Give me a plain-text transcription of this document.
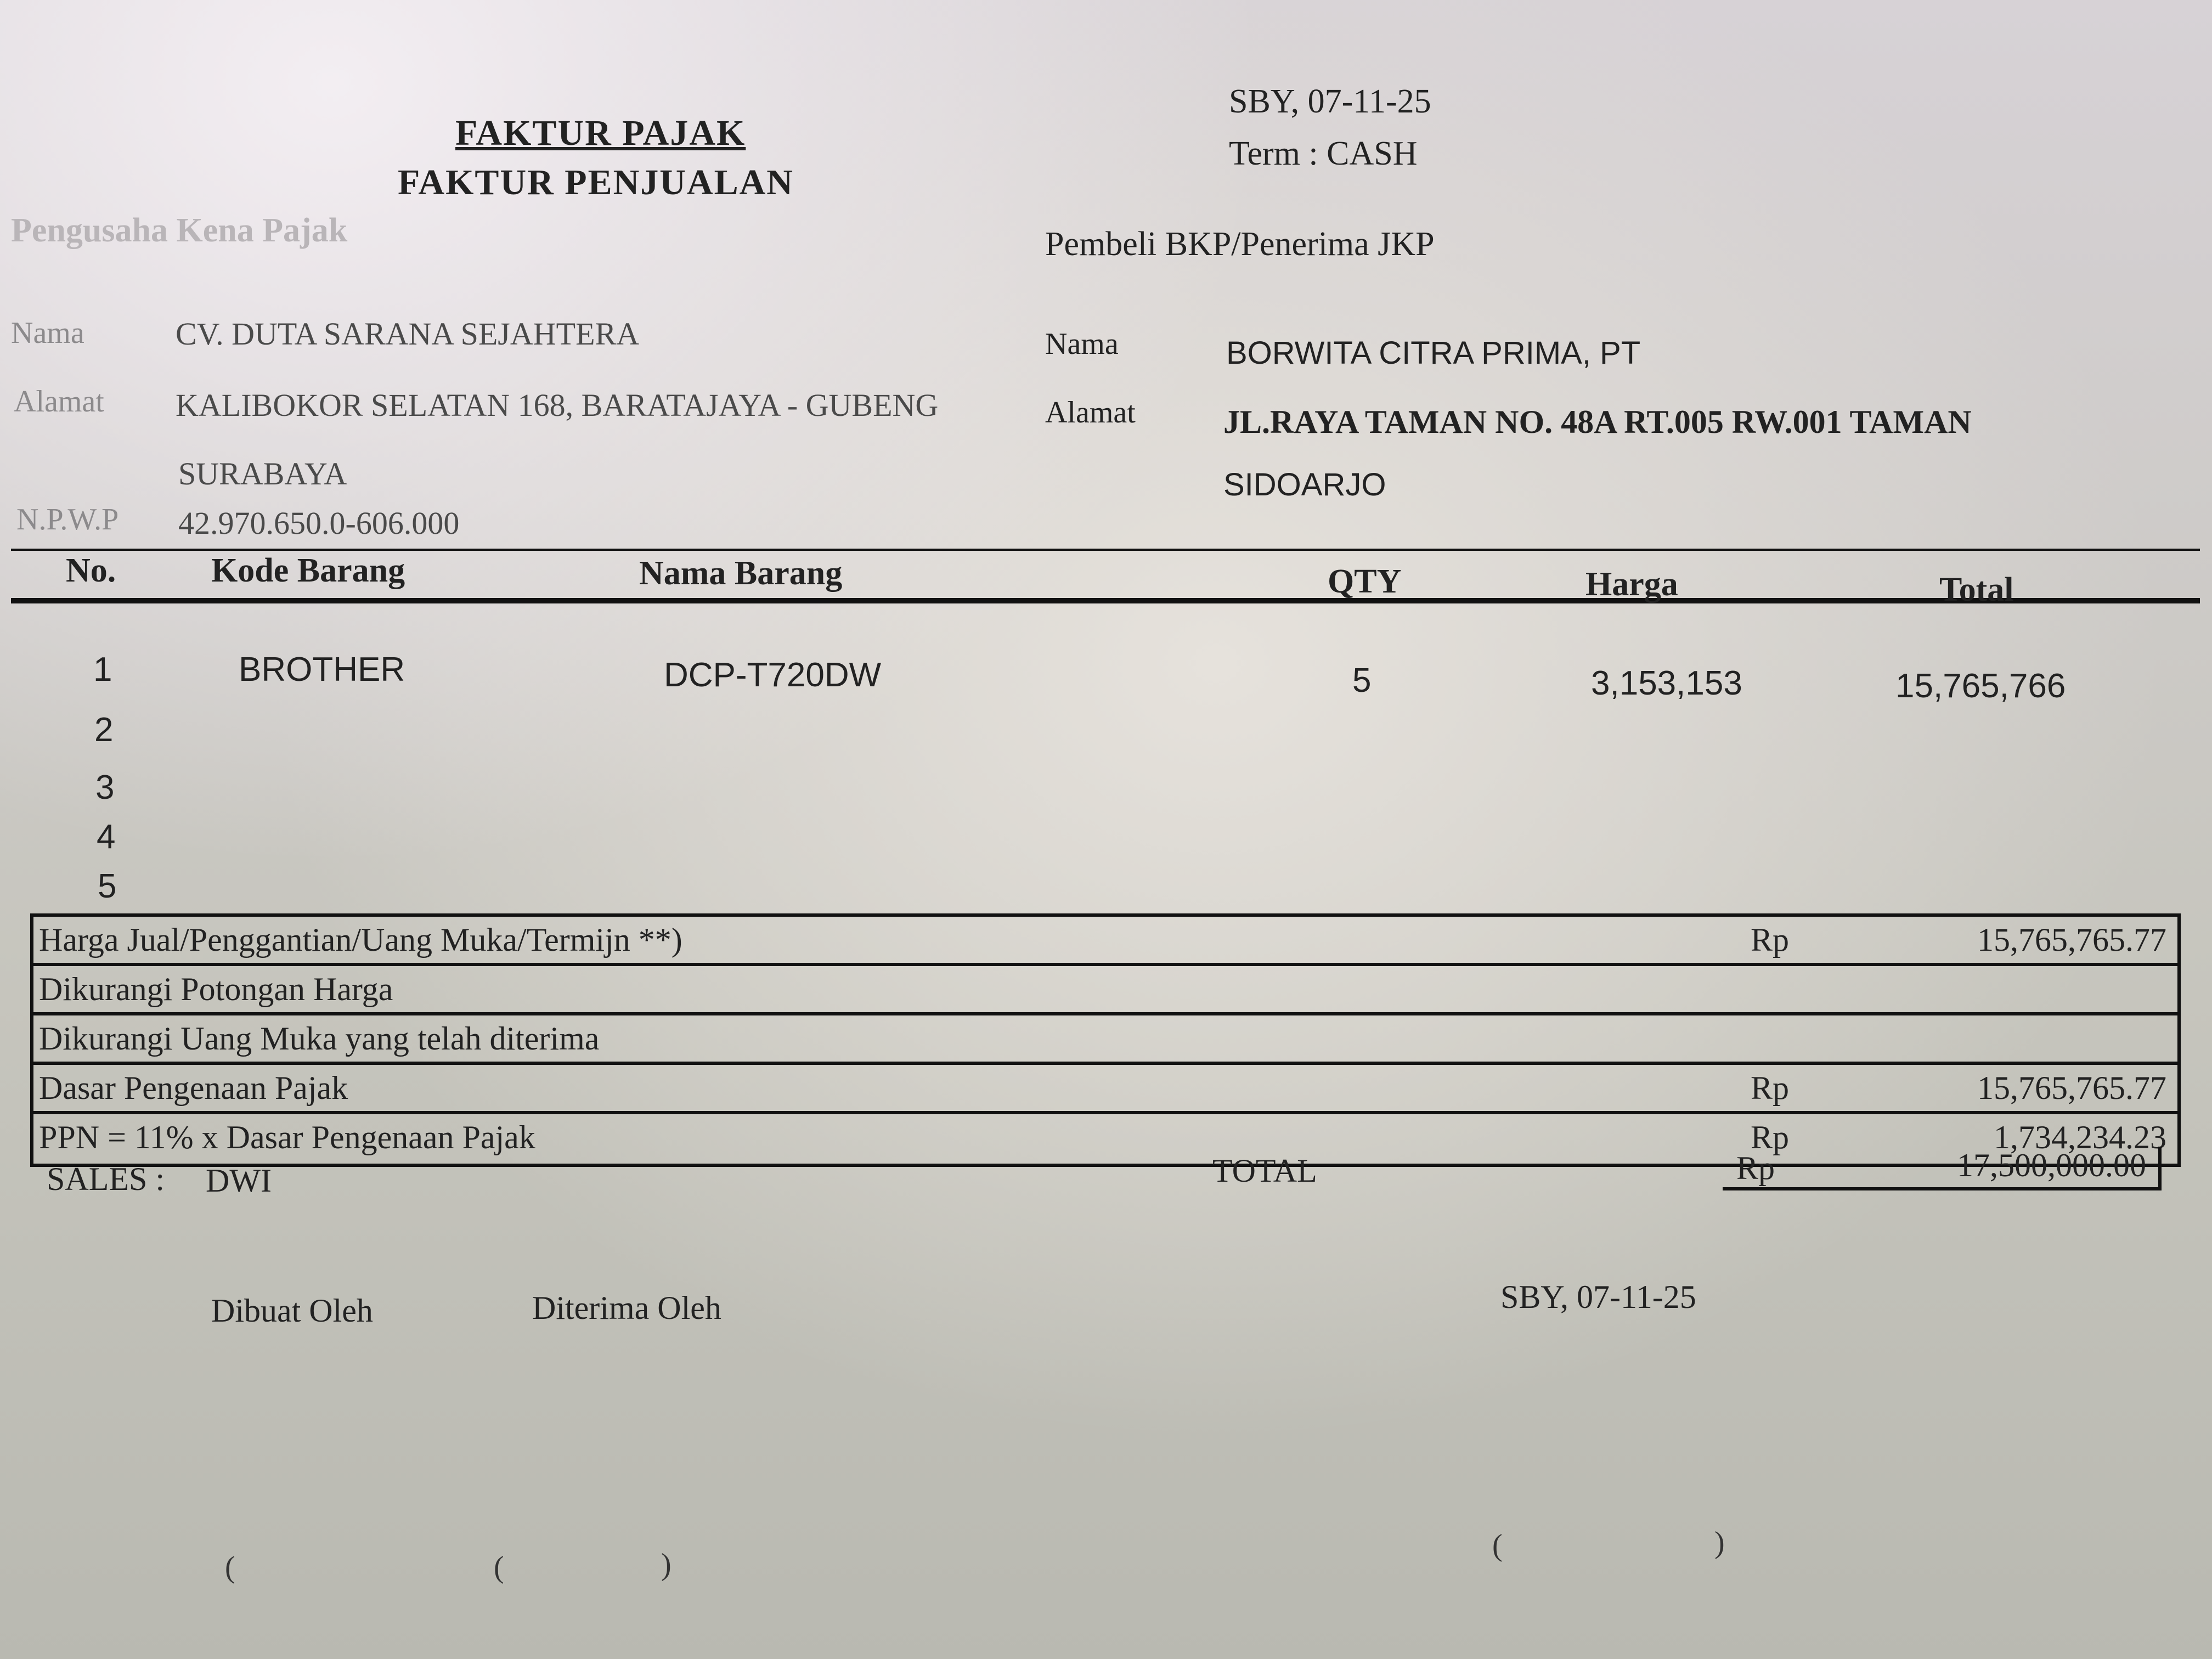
FAKTUR PAJAK
FAKTUR PENJUALAN
SBY, 07-11-25
Term : CASH
Pengusaha Kena Pajak
Nama	CV. DUTA SARANA SEJAHTERA
Alamat KALIBOKOR SELATAN 168, BARATAJAYA - GUBENG
SURABAYA
N.P.W.P 42.970.650.0-606.000
Pembeli BKP/Penerima JKP
Nama	BORWITA CITRA PRIMA, PT
Alamat	JL.RAYA TAMAN NO. 48A RT.005 RW.001 TAMAN
SIDOARJO
No.	Kode Barang	Nama Barang	QTY	Harga	Total
1	BROTHER	DCP-T720DW	5	3,153,153	15,765,766
2
3
4
5
Harga Jual/Penggantian/Uang Muka/Termijn **)	Rp	15,765,765.77
Dikurangi Potongan Harga
Dikurangi Uang Muka yang telah diterima
Dasar Pengenaan Pajak	Rp	15,765,765.77
PPN = 11% x Dasar Pengenaan Pajak	Rp	1,734,234.23
SALES : DWI	TOTAL	Rp	17,500,000.00
Dibuat Oleh	Diterima Oleh	SBY, 07-11-25
(	(	)
(	)
